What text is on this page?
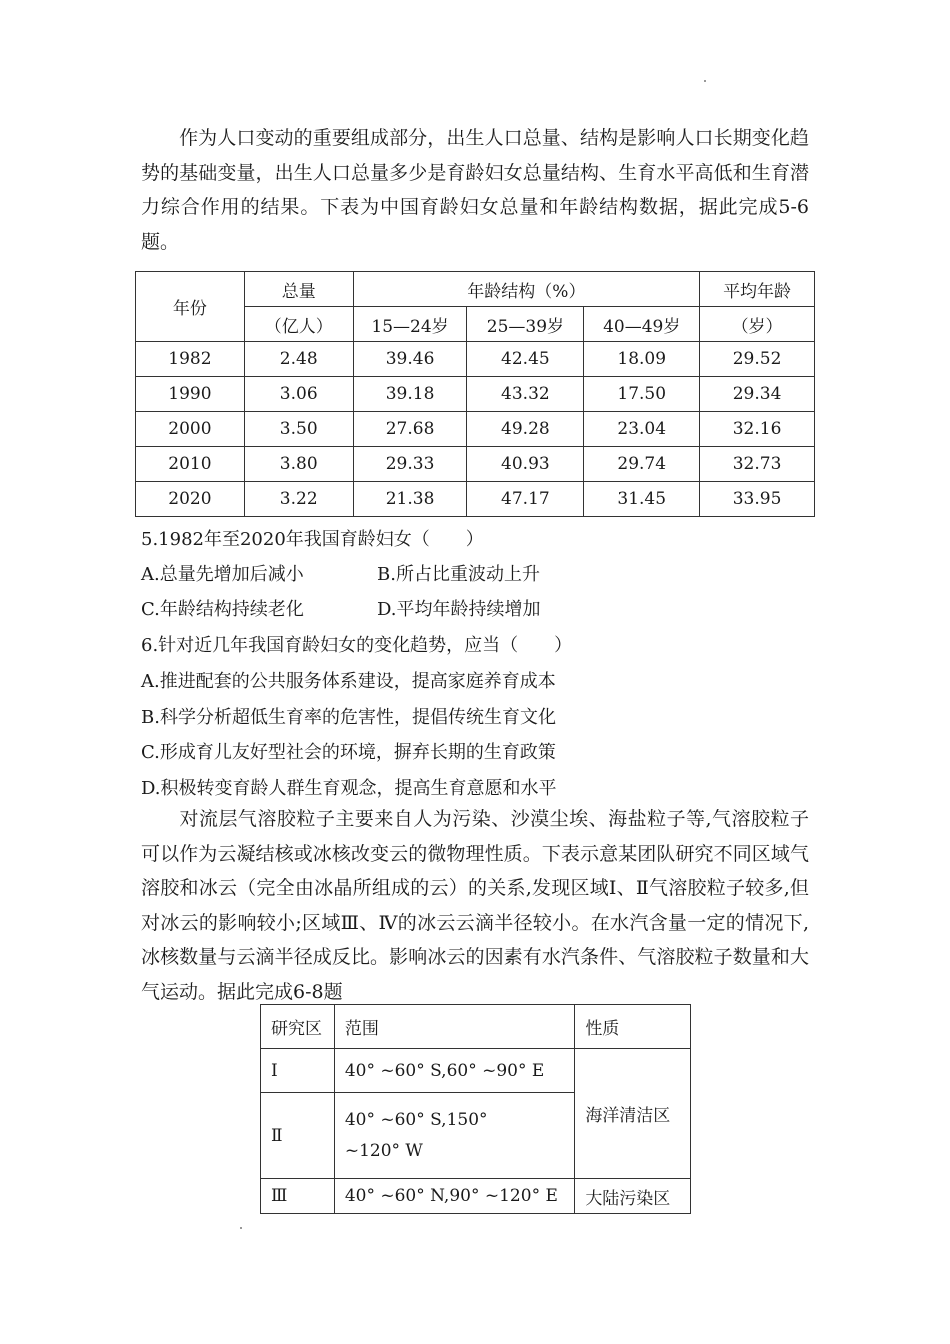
作为人口变动的重要组成部分，出生人口总量、结构是影响人口长期变化趋势的基础变量，出生人口总量多少是育龄妇女总量结构、生育水平高低和生育潜力综合作用的结果。下表为中国育龄妇女总量和年龄结构数据，据此完成5-6题。

年份	总量	年龄结构（%）			平均年龄
	（亿人）	15—24岁	25—39岁	40—49岁	（岁）
1982	2.48	39.46	42.45	18.09	29.52
1990	3.06	39.18	43.32	17.50	29.34
2000	3.50	27.68	49.28	23.04	32.16
2010	3.80	29.33	40.93	29.74	32.73
2020	3.22	21.38	47.17	31.45	33.95
5.1982年至2020年我国育龄妇女（　　）
A.总量先增加后减小	B.所占比重波动上升
C.年龄结构持续老化	D.平均年龄持续增加
6.针对近几年我国育龄妇女的变化趋势，应当（　　）
A.推进配套的公共服务体系建设，提高家庭养育成本
B.科学分析超低生育率的危害性，提倡传统生育文化
C.形成育儿友好型社会的环境，摒弃长期的生育政策
D.积极转变育龄人群生育观念，提高生育意愿和水平

对流层气溶胶粒子主要来自人为污染、沙漠尘埃、海盐粒子等,气溶胶粒子可以作为云凝结核或冰核改变云的微物理性质。下表示意某团队研究不同区域气溶胶和冰云（完全由冰晶所组成的云）的关系,发现区域Ⅰ、Ⅱ气溶胶粒子较多,但对冰云的影响较小;区域Ⅲ、Ⅳ的冰云云滴半径较小。在水汽含量一定的情况下,冰核数量与云滴半径成反比。影响冰云的因素有水汽条件、气溶胶粒子数量和大气运动。据此完成6-8题

研究区	范围	性质
Ⅰ	40° ~60° S,60° ~90° E	海洋清洁区
Ⅱ	40° ~60° S,150° ~120° W	
Ⅲ	40° ~60° N,90° ~120° E	大陆污染区
